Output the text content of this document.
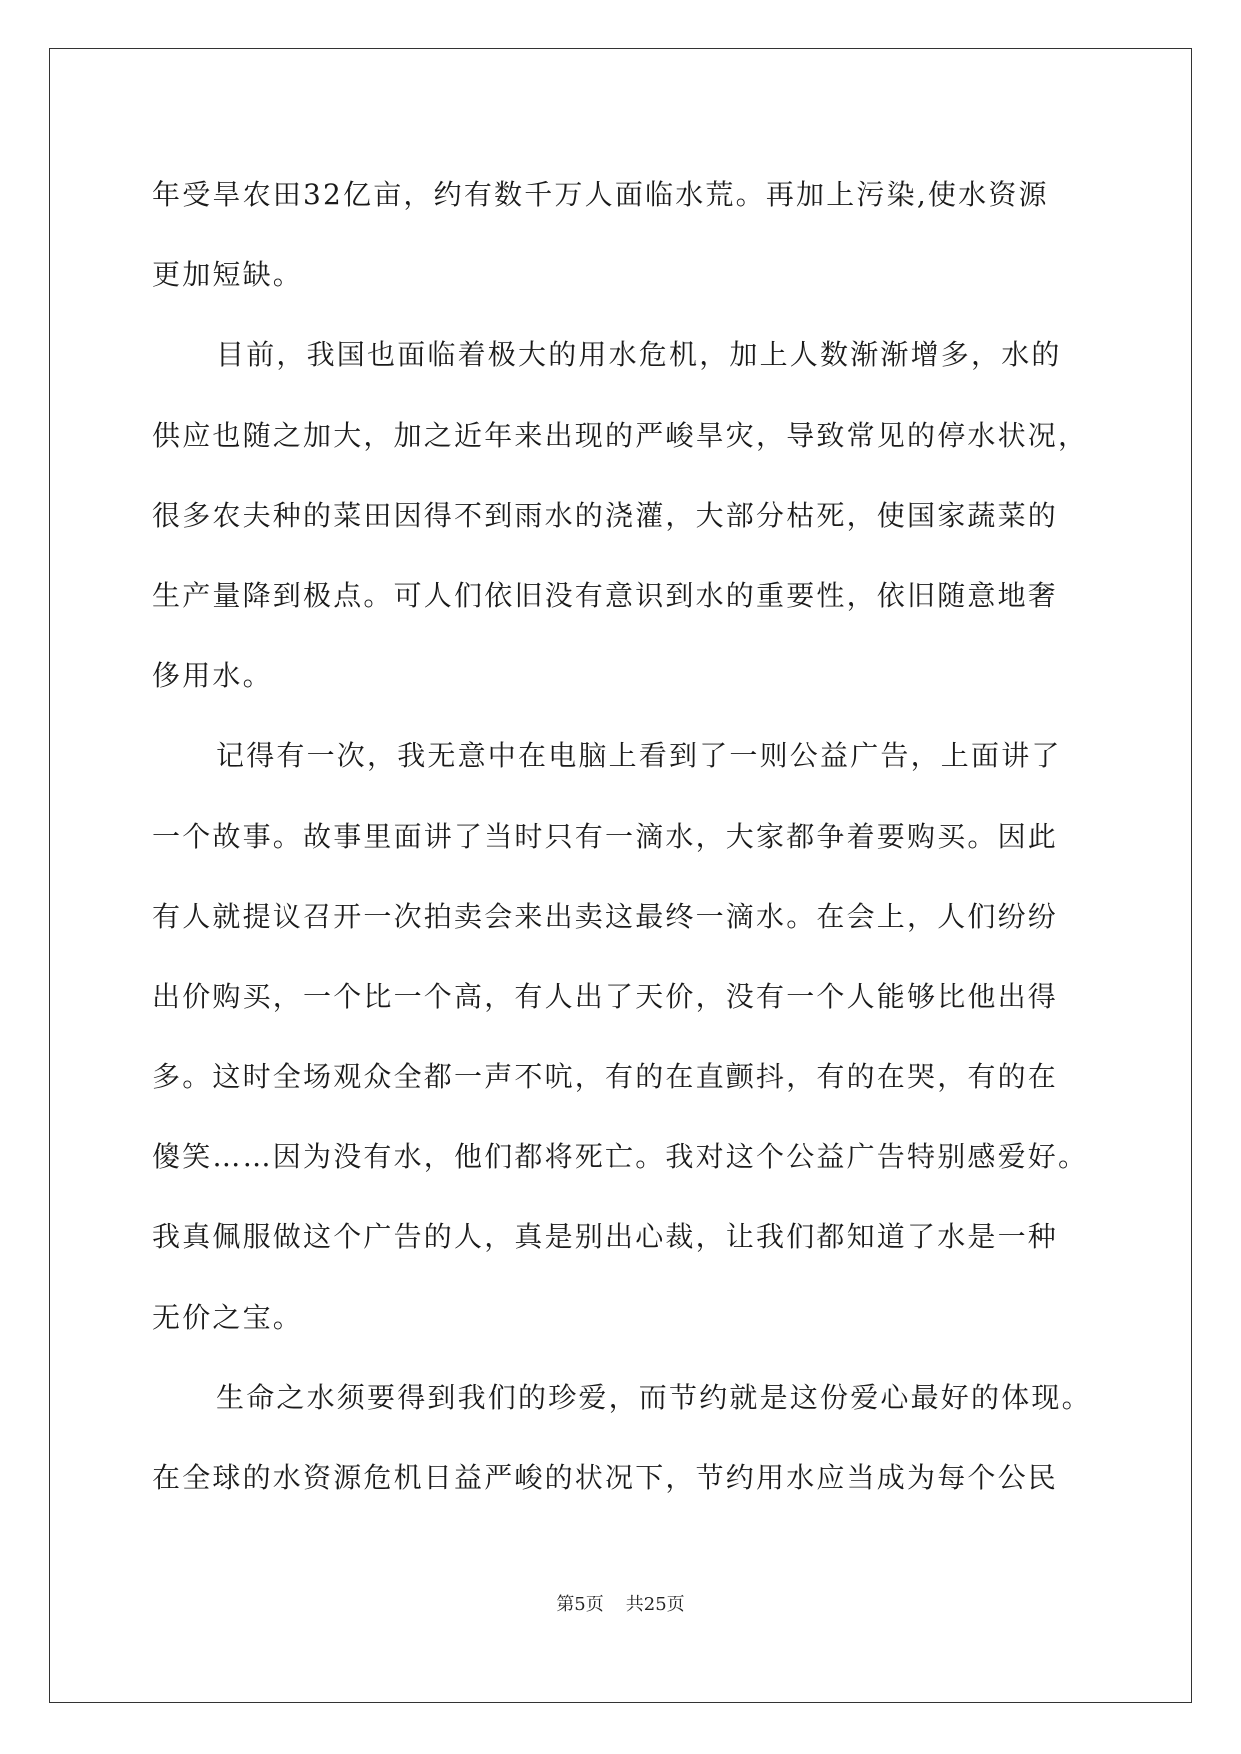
年受旱农田32亿亩，约有数千万人面临水荒。再加上污染,使水资源
更加短缺。
目前，我国也面临着极大的用水危机，加上人数渐渐增多，水的
供应也随之加大，加之近年来出现的严峻旱灾，导致常见的停水状况，
很多农夫种的菜田因得不到雨水的浇灌，大部分枯死，使国家蔬菜的
生产量降到极点。可人们依旧没有意识到水的重要性，依旧随意地奢
侈用水。
记得有一次，我无意中在电脑上看到了一则公益广告，上面讲了
一个故事。故事里面讲了当时只有一滴水，大家都争着要购买。因此
有人就提议召开一次拍卖会来出卖这最终一滴水。在会上，人们纷纷
出价购买，一个比一个高，有人出了天价，没有一个人能够比他出得
多。这时全场观众全都一声不吭，有的在直颤抖，有的在哭，有的在
傻笑……因为没有水，他们都将死亡。我对这个公益广告特别感爱好。
我真佩服做这个广告的人，真是别出心裁，让我们都知道了水是一种
无价之宝。
生命之水须要得到我们的珍爱，而节约就是这份爱心最好的体现。
在全球的水资源危机日益严峻的状况下，节约用水应当成为每个公民
第5页 共25页
